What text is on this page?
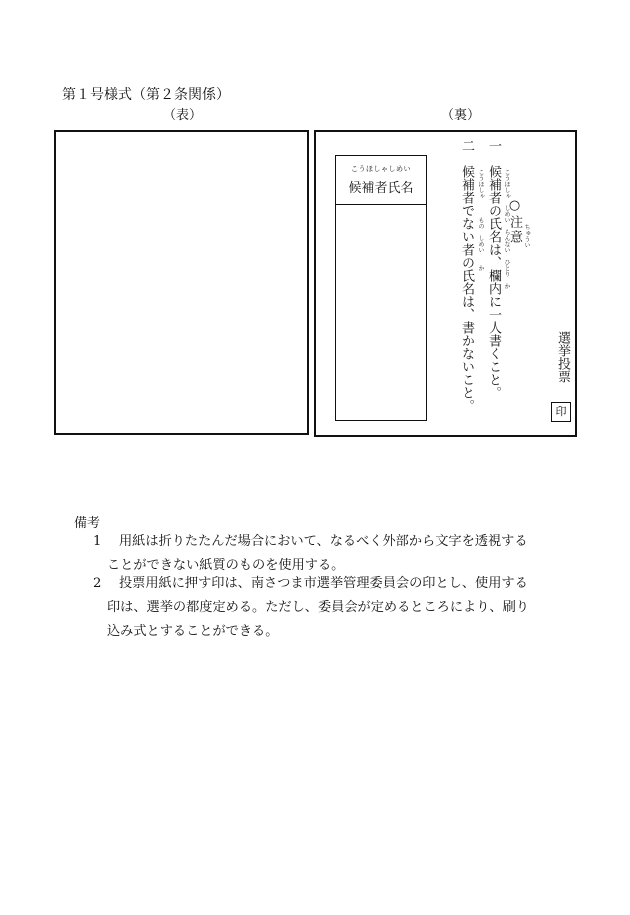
第１号様式（第２条関係）
（表）	（裏）
こうほしゃしめい
候補者氏名
二
候補者でない者の氏名は、書かないこと。 こうほしゃ　　　もの　しめい　　か
一
候補者の氏名は、欄内に一人書くこと。 こうほしゃ　しめい　らんない　ひとり　か
○注意 ちゅうい
選挙投票
印
備考
1 用紙は折りたたんだ場合において、なるべく外部から文字を透視する
ことができない紙質のものを使用する。
2 投票用紙に押す印は、南さつま市選挙管理委員会の印とし、使用する
印は、選挙の都度定める。ただし、委員会が定めるところにより、刷り
込み式とすることができる。
